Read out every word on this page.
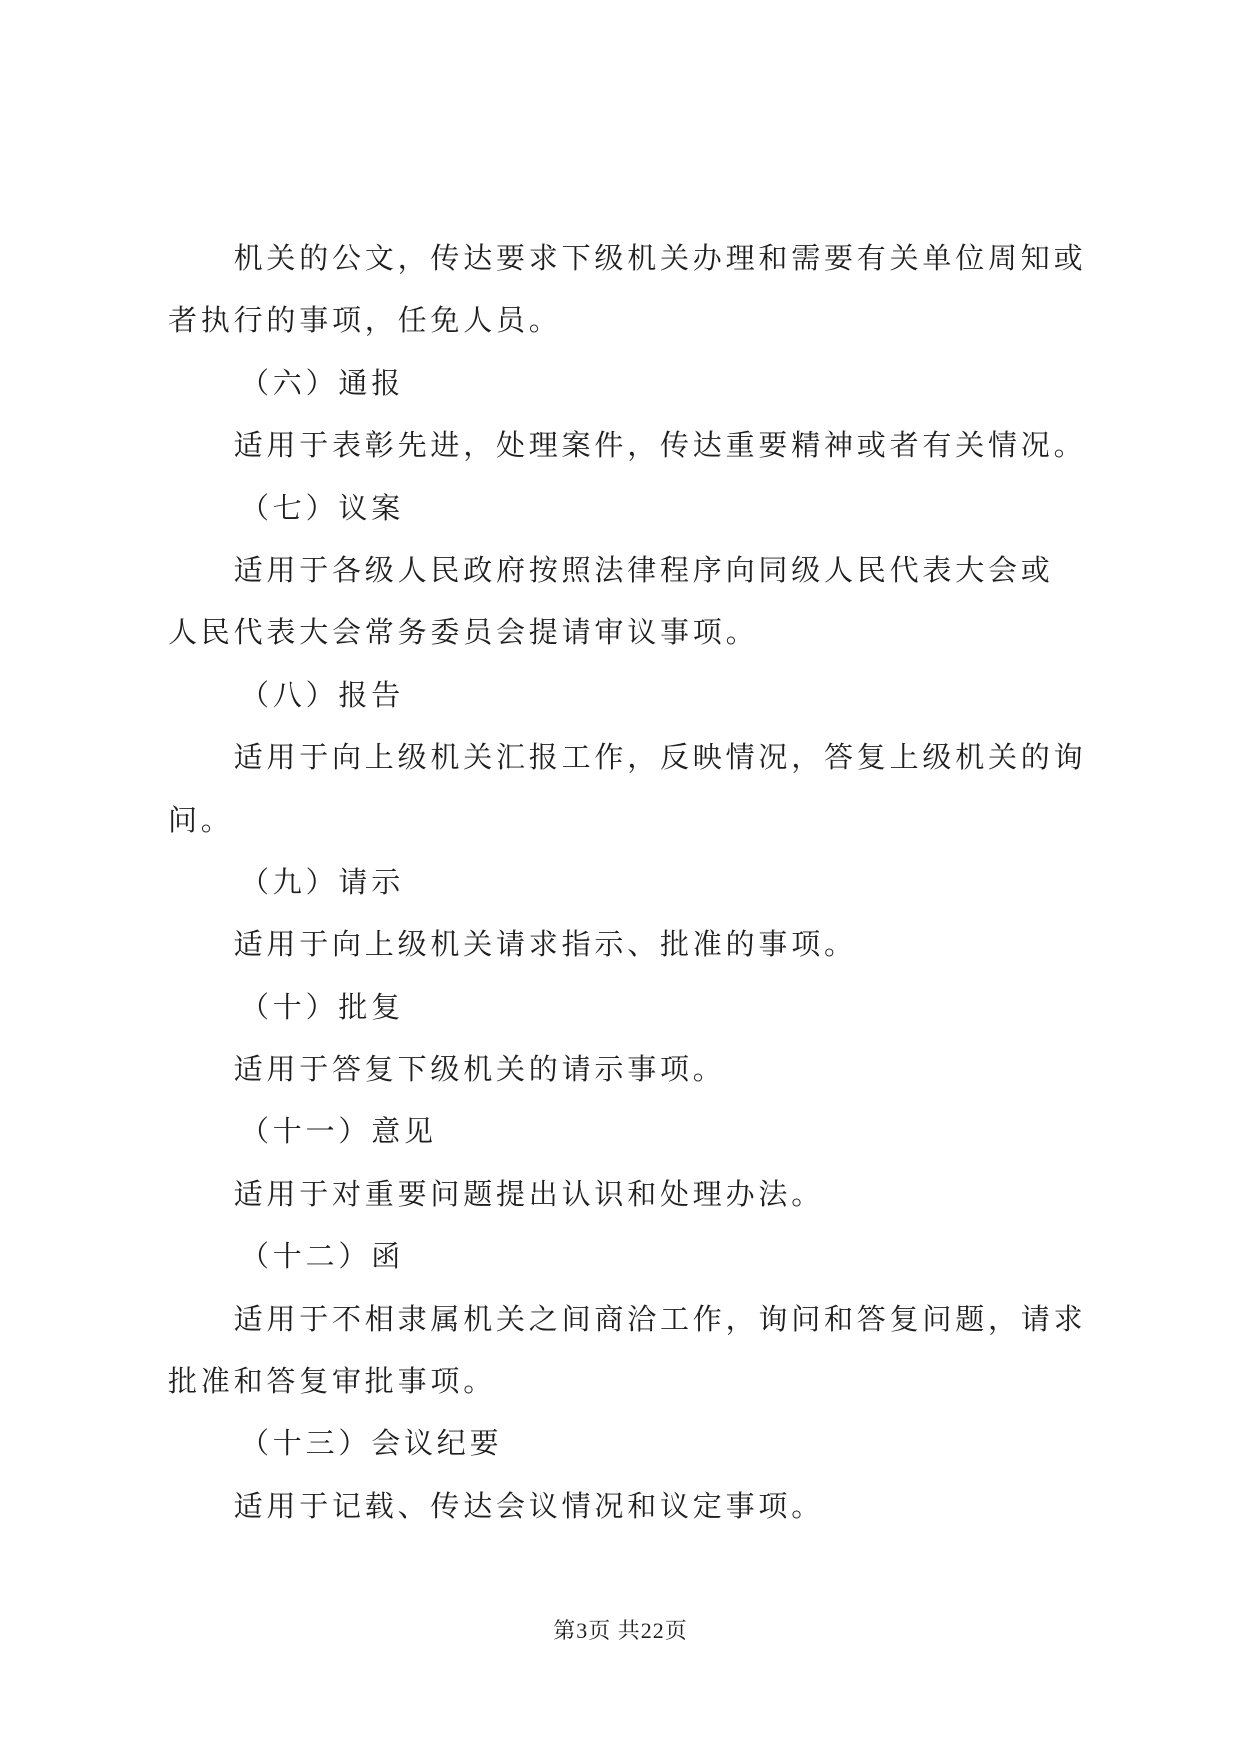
机关的公文，传达要求下级机关办理和需要有关单位周知或
者执行的事项，任免人员。
（六）通报
适用于表彰先进，处理案件，传达重要精神或者有关情况。
（七）议案
适用于各级人民政府按照法律程序向同级人民代表大会或
人民代表大会常务委员会提请审议事项。
（八）报告
适用于向上级机关汇报工作，反映情况，答复上级机关的询
问。
（九）请示
适用于向上级机关请求指示、批准的事项。
（十）批复
适用于答复下级机关的请示事项。
（十一）意见
适用于对重要问题提出认识和处理办法。
（十二）函
适用于不相隶属机关之间商洽工作，询问和答复问题，请求
批准和答复审批事项。
（十三）会议纪要
适用于记载、传达会议情况和议定事项。
第3页 共22页
